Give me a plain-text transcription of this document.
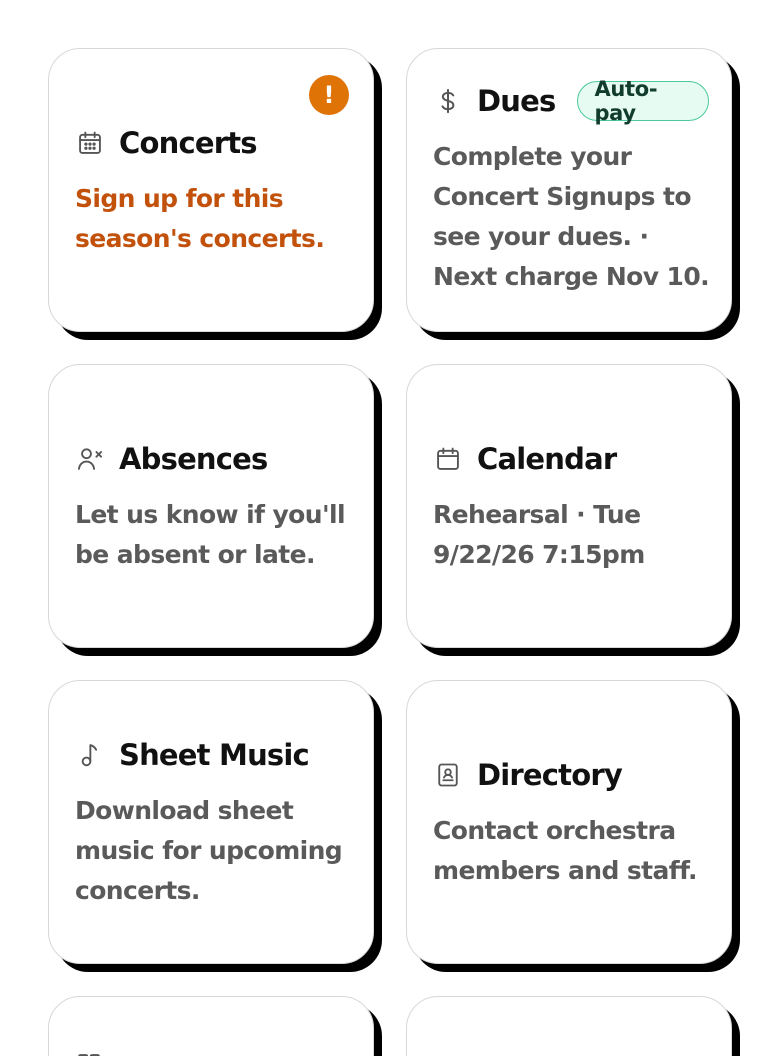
!
Concerts
Sign up for this season's concerts.
Dues	Auto-pay
Complete your Concert Signups to see your dues. · Next charge Nov 10.
Absences
Let us know if you'll be absent or late.
Calendar
Rehearsal · Tue 9/22/26 7:15pm
Sheet Music
Download sheet music for upcoming concerts.
Directory
Contact orchestra members and staff.
